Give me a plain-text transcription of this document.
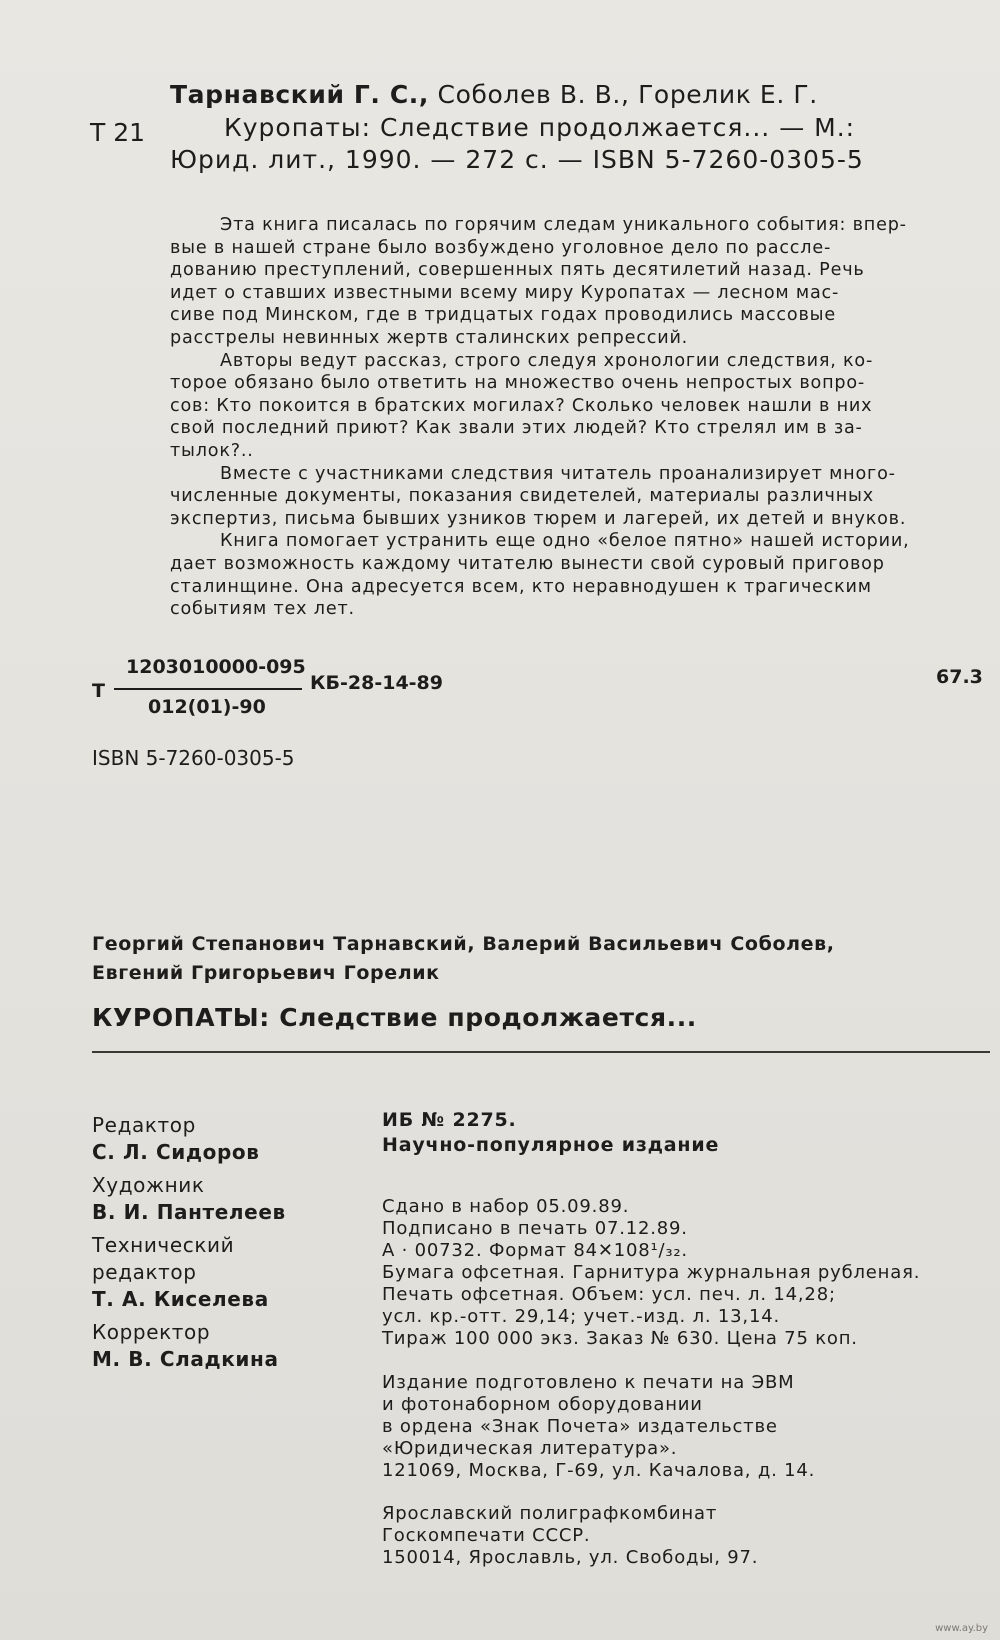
Тарнавский Г. С., Соболев В. В., Горелик Е. Г.
Т 21	Куропаты: Следствие продолжается... — М.:
Юрид. лит., 1990. — 272 с. — ISBN 5-7260-0305-5
Эта книга писалась по горячим следам уникального события: впер-
вые в нашей стране было возбуждено уголовное дело по рассле-
дованию преступлений, совершенных пять десятилетий назад. Речь
идет о ставших известными всему миру Куропатах — лесном мас-
сиве под Минском, где в тридцатых годах проводились массовые
расстрелы невинных жертв сталинских репрессий.
Авторы ведут рассказ, строго следуя хронологии следствия, ко-
торое обязано было ответить на множество очень непростых вопро-
сов: Кто покоится в братских могилах? Сколько человек нашли в них
свой последний приют? Как звали этих людей? Кто стрелял им в за-
тылок?..
Вместе с участниками следствия читатель проанализирует много-
численные документы, показания свидетелей, материалы различных
экспертиз, письма бывших узников тюрем и лагерей, их детей и внуков.
Книга помогает устранить еще одно «белое пятно» нашей истории,
дает возможность каждому читателю вынести свой суровый приговор
сталинщине. Она адресуется всем, кто неравнодушен к трагическим
событиям тех лет.
Т
1203010000-095
012(01)-90
КБ-28-14-89	67.3
ISBN 5-7260-0305-5
Георгий Степанович Тарнавский, Валерий Васильевич Соболев,
Евгений Григорьевич Горелик
КУРОПАТЫ: Следствие продолжается...
Редактор
С. Л. Сидоров
Художник
В. И. Пантелеев
Технический
редактор
Т. А. Киселева
Корректор
М. В. Сладкина
ИБ № 2275.
Научно-популярное издание
Сдано в набор 05.09.89.
Подписано в печать 07.12.89.
А · 00732. Формат 84✕108¹/₃₂.
Бумага офсетная. Гарнитура журнальная рубленая.
Печать офсетная. Объем: усл. печ. л. 14,28;
усл. кр.-отт. 29,14; учет.-изд. л. 13,14.
Тираж 100 000 экз. Заказ № 630. Цена 75 коп.
Издание подготовлено к печати на ЭВМ
и фотонаборном оборудовании
в ордена «Знак Почета» издательстве
«Юридическая литература».
121069, Москва, Г-69, ул. Качалова, д. 14.
Ярославский полиграфкомбинат
Госкомпечати СССР.
150014, Ярославль, ул. Свободы, 97.
www.ay.by
